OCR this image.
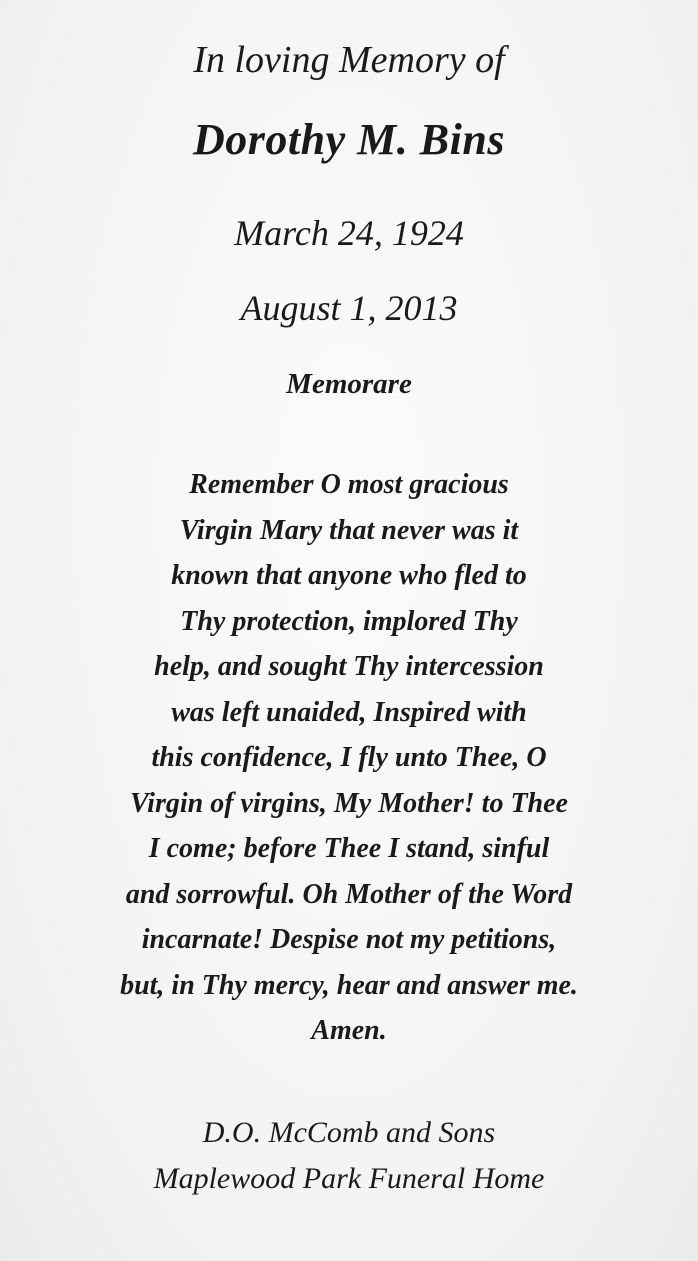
In loving Memory of
Dorothy M. Bins
March 24, 1924
August 1, 2013
Memorare
Remember O most gracious
Virgin Mary that never was it
known that anyone who fled to
Thy protection, implored Thy
help, and sought Thy intercession
was left unaided, Inspired with
this confidence, I fly unto Thee, O
Virgin of virgins, My Mother! to Thee
I come; before Thee I stand, sinful
and sorrowful. Oh Mother of the Word
incarnate! Despise not my petitions,
but, in Thy mercy, hear and answer me.
Amen.
D.O. McComb and Sons
Maplewood Park Funeral Home
